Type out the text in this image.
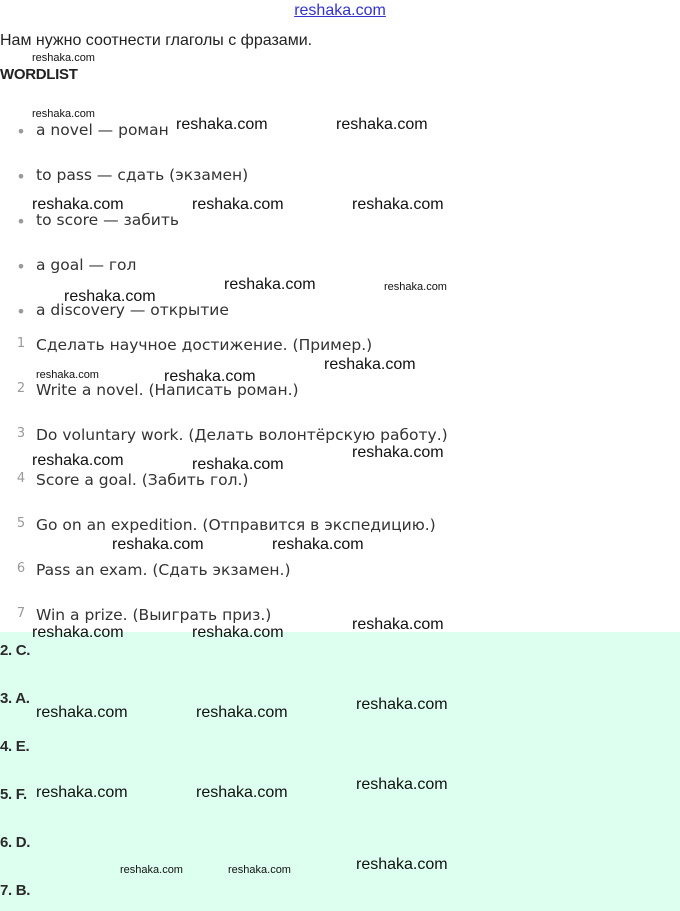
reshaka.com
Нам нужно соотнести глаголы с фразами.
WORDLIST
• a novel — роман
• to pass — сдать (экзамен)
• to score — забить
• a goal — гол
• a discovery — открытие
1 Сделать научное достижение. (Пример.)
2 Write a novel. (Написать роман.)
3 Do voluntary work. (Делать волонтёрскую работу.)
4 Score a goal. (Забить гол.)
5 Go on an expedition. (Отправится в экспедицию.)
6 Pass an exam. (Сдать экзамен.)
7 Win a prize. (Выиграть приз.)
2. C.
3. A.
4. E.
5. F.
6. D.
7. B.
reshaka.com
reshaka.com
reshaka.com	reshaka.com
reshaka.com	reshaka.com	reshaka.com
reshaka.com	reshaka.com
reshaka.com
reshaka.com
reshaka.com	reshaka.com
reshaka.com
reshaka.com	reshaka.com
reshaka.com	reshaka.com
reshaka.com
reshaka.com	reshaka.com
reshaka.com
reshaka.com	reshaka.com
reshaka.com
reshaka.com	reshaka.com
reshaka.com
reshaka.com	reshaka.com
